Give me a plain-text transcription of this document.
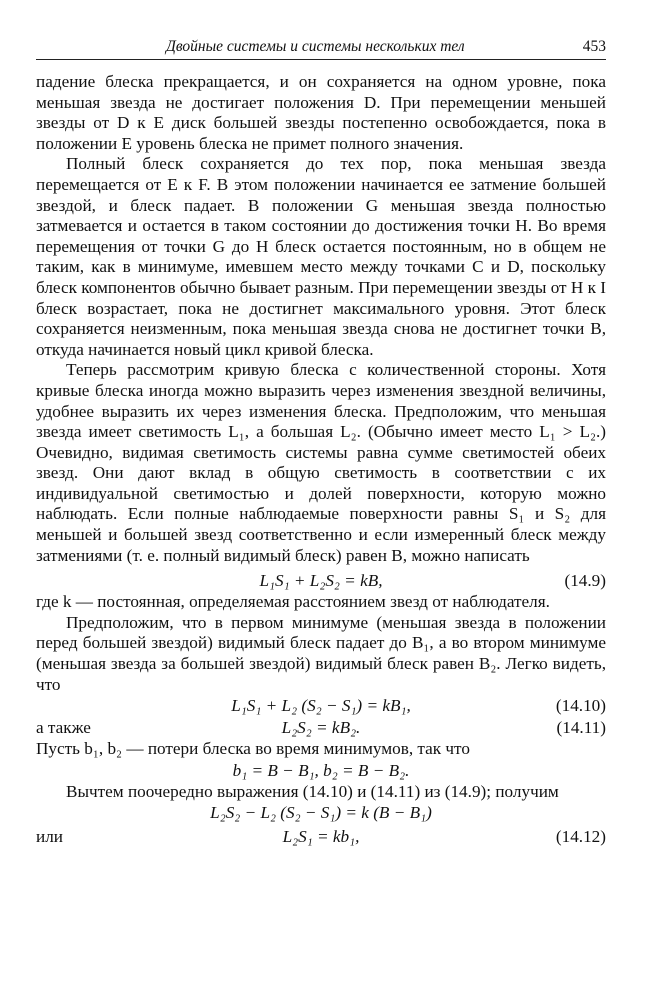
Двойные системы и системы нескольких тел	453

падение блеска прекращается, и он сохраняется на одном уровне, пока меньшая звезда не достигает положения D. При перемещении меньшей звезды от D к E диск большей звезды постепенно освобождается, пока в положении E уровень блеска не примет полного значения.

Полный блеск сохраняется до тех пор, пока меньшая звезда перемещается от E к F. В этом положении начинается ее затмение большей звездой, и блеск падает. В положении G меньшая звезда полностью затмевается и остается в таком состоянии до достижения точки H. Во время перемещения от точки G до H блеск остается постоянным, но в общем не таким, как в минимуме, имевшем место между точками C и D, поскольку блеск компонентов обычно бывает разным. При перемещении звезды от H к I блеск возрастает, пока не достигнет максимального уровня. Этот блеск сохраняется неизменным, пока меньшая звезда снова не достигнет точки B, откуда начинается новый цикл кривой блеска.

Теперь рассмотрим кривую блеска с количественной стороны. Хотя кривые блеска иногда можно выразить через изменения звездной величины, удобнее выразить их через изменения блеска. Предположим, что меньшая звезда имеет светимость L₁, а большая L₂. (Обычно имеет место L₁ > L₂.) Очевидно, видимая светимость системы равна сумме светимостей обеих звезд. Они дают вклад в общую светимость в соответствии с их индивидуальной светимостью и долей поверхности, которую можно наблюдать. Если полные наблюдаемые поверхности равны S₁ и S₂ для меньшей и большей звезд соответственно и если измеренный блеск между затмениями (т. е. полный видимый блеск) равен B, можно написать

L₁S₁ + L₂S₂ = kB,	(14.9)

где k — постоянная, определяемая расстоянием звезд от наблюдателя.

Предположим, что в первом минимуме (меньшая звезда в положении перед большей звездой) видимый блеск падает до B₁, а во втором минимуме (меньшая звезда за большей звездой) видимый блеск равен B₂. Легко видеть, что

L₁S₁ + L₂ (S₂ − S₁) = kB₁,	(14.10)
а также	L₂S₂ = kB₂.	(14.11)

Пусть b₁, b₂ — потери блеска во время минимумов, так что

b₁ = B − B₁, b₂ = B − B₂.

Вычтем поочередно выражения (14.10) и (14.11) из (14.9); получим

L₂S₂ − L₂ (S₂ − S₁) = k (B − B₁)
или	L₂S₁ = kb₁,	(14.12)
